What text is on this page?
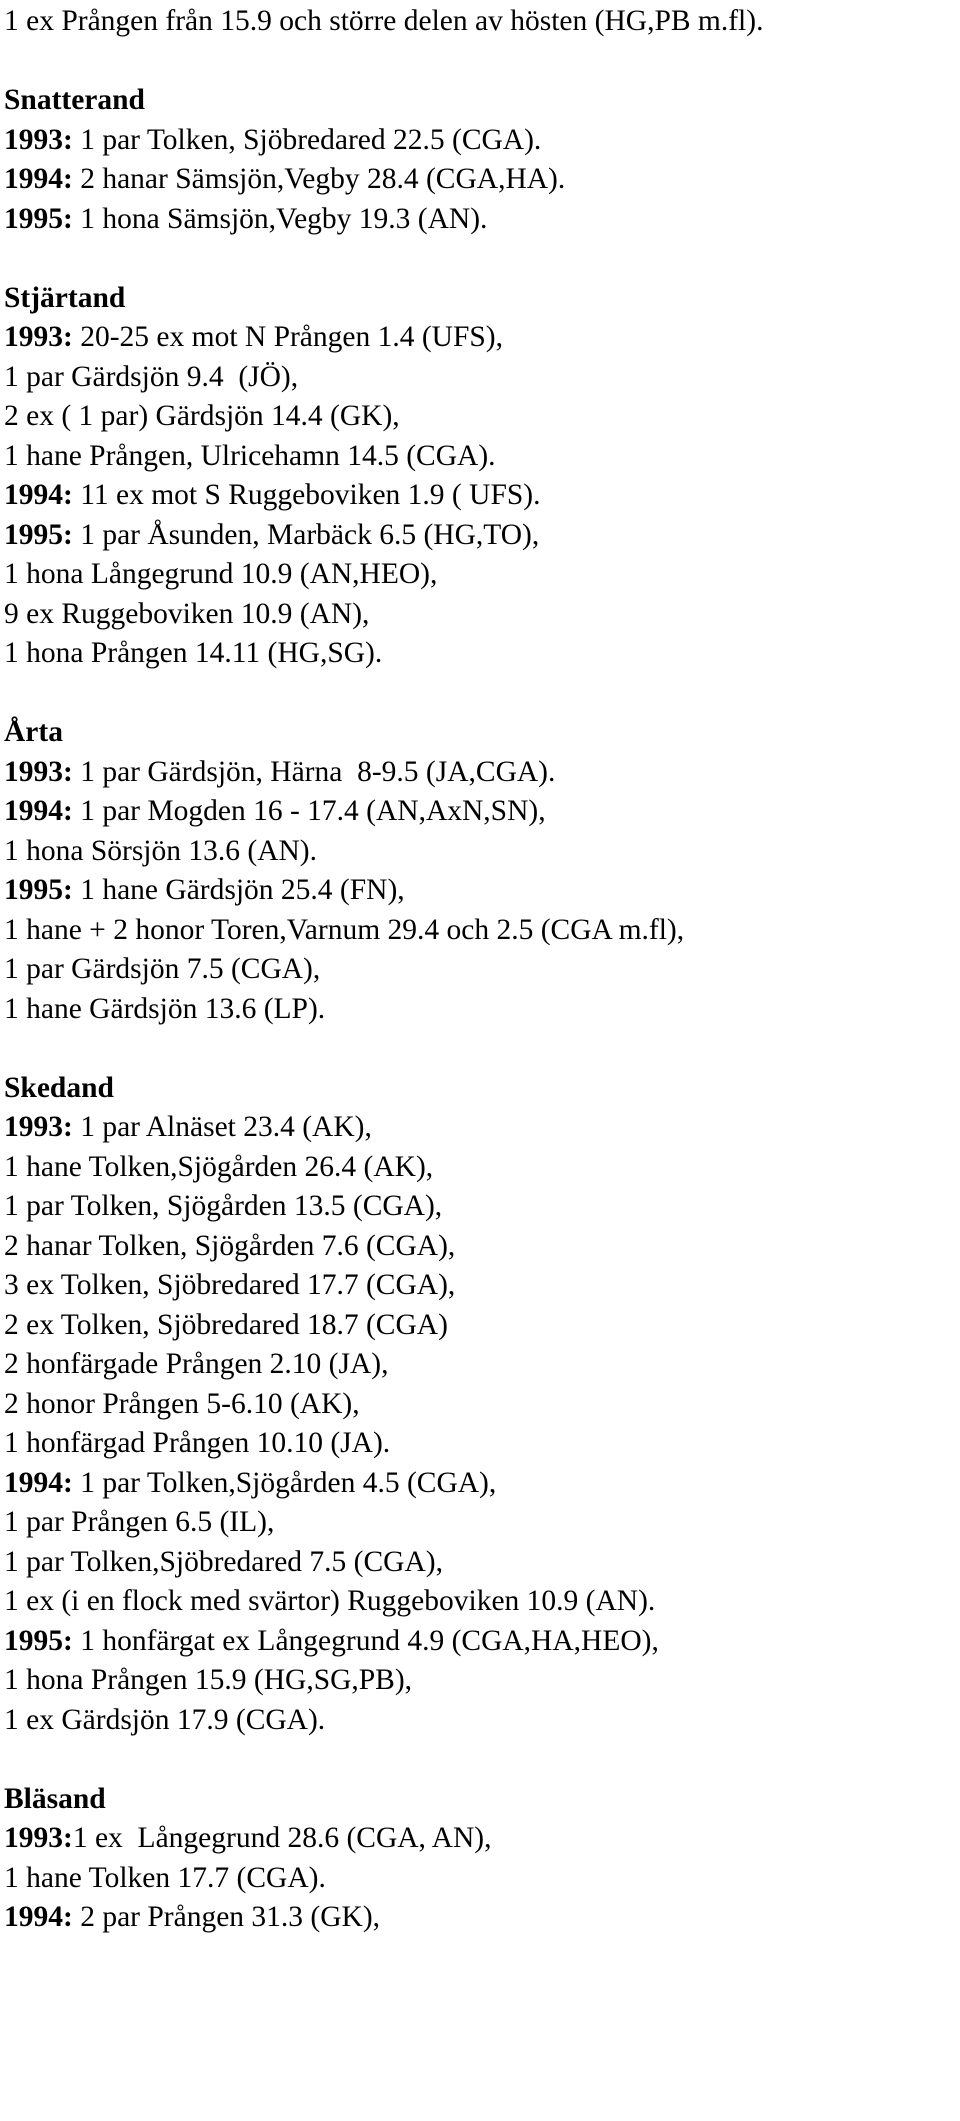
1 ex Prången från 15.9 och större delen av hösten (HG,PB m.fl).
Snatterand
1993: 1 par Tolken, Sjöbredared 22.5 (CGA).
1994: 2 hanar Sämsjön,Vegby 28.4 (CGA,HA).
1995: 1 hona Sämsjön,Vegby 19.3 (AN).
Stjärtand
1993: 20-25 ex mot N Prången 1.4 (UFS),
1 par Gärdsjön 9.4  (JÖ),
2 ex ( 1 par) Gärdsjön 14.4 (GK),
1 hane Prången, Ulricehamn 14.5 (CGA).
1994: 11 ex mot S Ruggeboviken 1.9 ( UFS).
1995: 1 par Åsunden, Marbäck 6.5 (HG,TO),
1 hona Långegrund 10.9 (AN,HEO),
9 ex Ruggeboviken 10.9 (AN),
1 hona Prången 14.11 (HG,SG).
Årta
1993: 1 par Gärdsjön, Härna  8-9.5 (JA,CGA).
1994: 1 par Mogden 16 - 17.4 (AN,AxN,SN),
1 hona Sörsjön 13.6 (AN).
1995: 1 hane Gärdsjön 25.4 (FN),
1 hane + 2 honor Toren,Varnum 29.4 och 2.5 (CGA m.fl),
1 par Gärdsjön 7.5 (CGA),
1 hane Gärdsjön 13.6 (LP).
Skedand
1993: 1 par Alnäset 23.4 (AK),
1 hane Tolken,Sjögården 26.4 (AK),
1 par Tolken, Sjögården 13.5 (CGA),
2 hanar Tolken, Sjögården 7.6 (CGA),
3 ex Tolken, Sjöbredared 17.7 (CGA),
2 ex Tolken, Sjöbredared 18.7 (CGA)
2 honfärgade Prången 2.10 (JA),
2 honor Prången 5-6.10 (AK),
1 honfärgad Prången 10.10 (JA).
1994: 1 par Tolken,Sjögården 4.5 (CGA),
1 par Prången 6.5 (IL),
1 par Tolken,Sjöbredared 7.5 (CGA),
1 ex (i en flock med svärtor) Ruggeboviken 10.9 (AN).
1995: 1 honfärgat ex Långegrund 4.9 (CGA,HA,HEO),
1 hona Prången 15.9 (HG,SG,PB),
1 ex Gärdsjön 17.9 (CGA).
Bläsand
1993:1 ex  Långegrund 28.6 (CGA, AN),
1 hane Tolken 17.7 (CGA).
1994: 2 par Prången 31.3 (GK),
